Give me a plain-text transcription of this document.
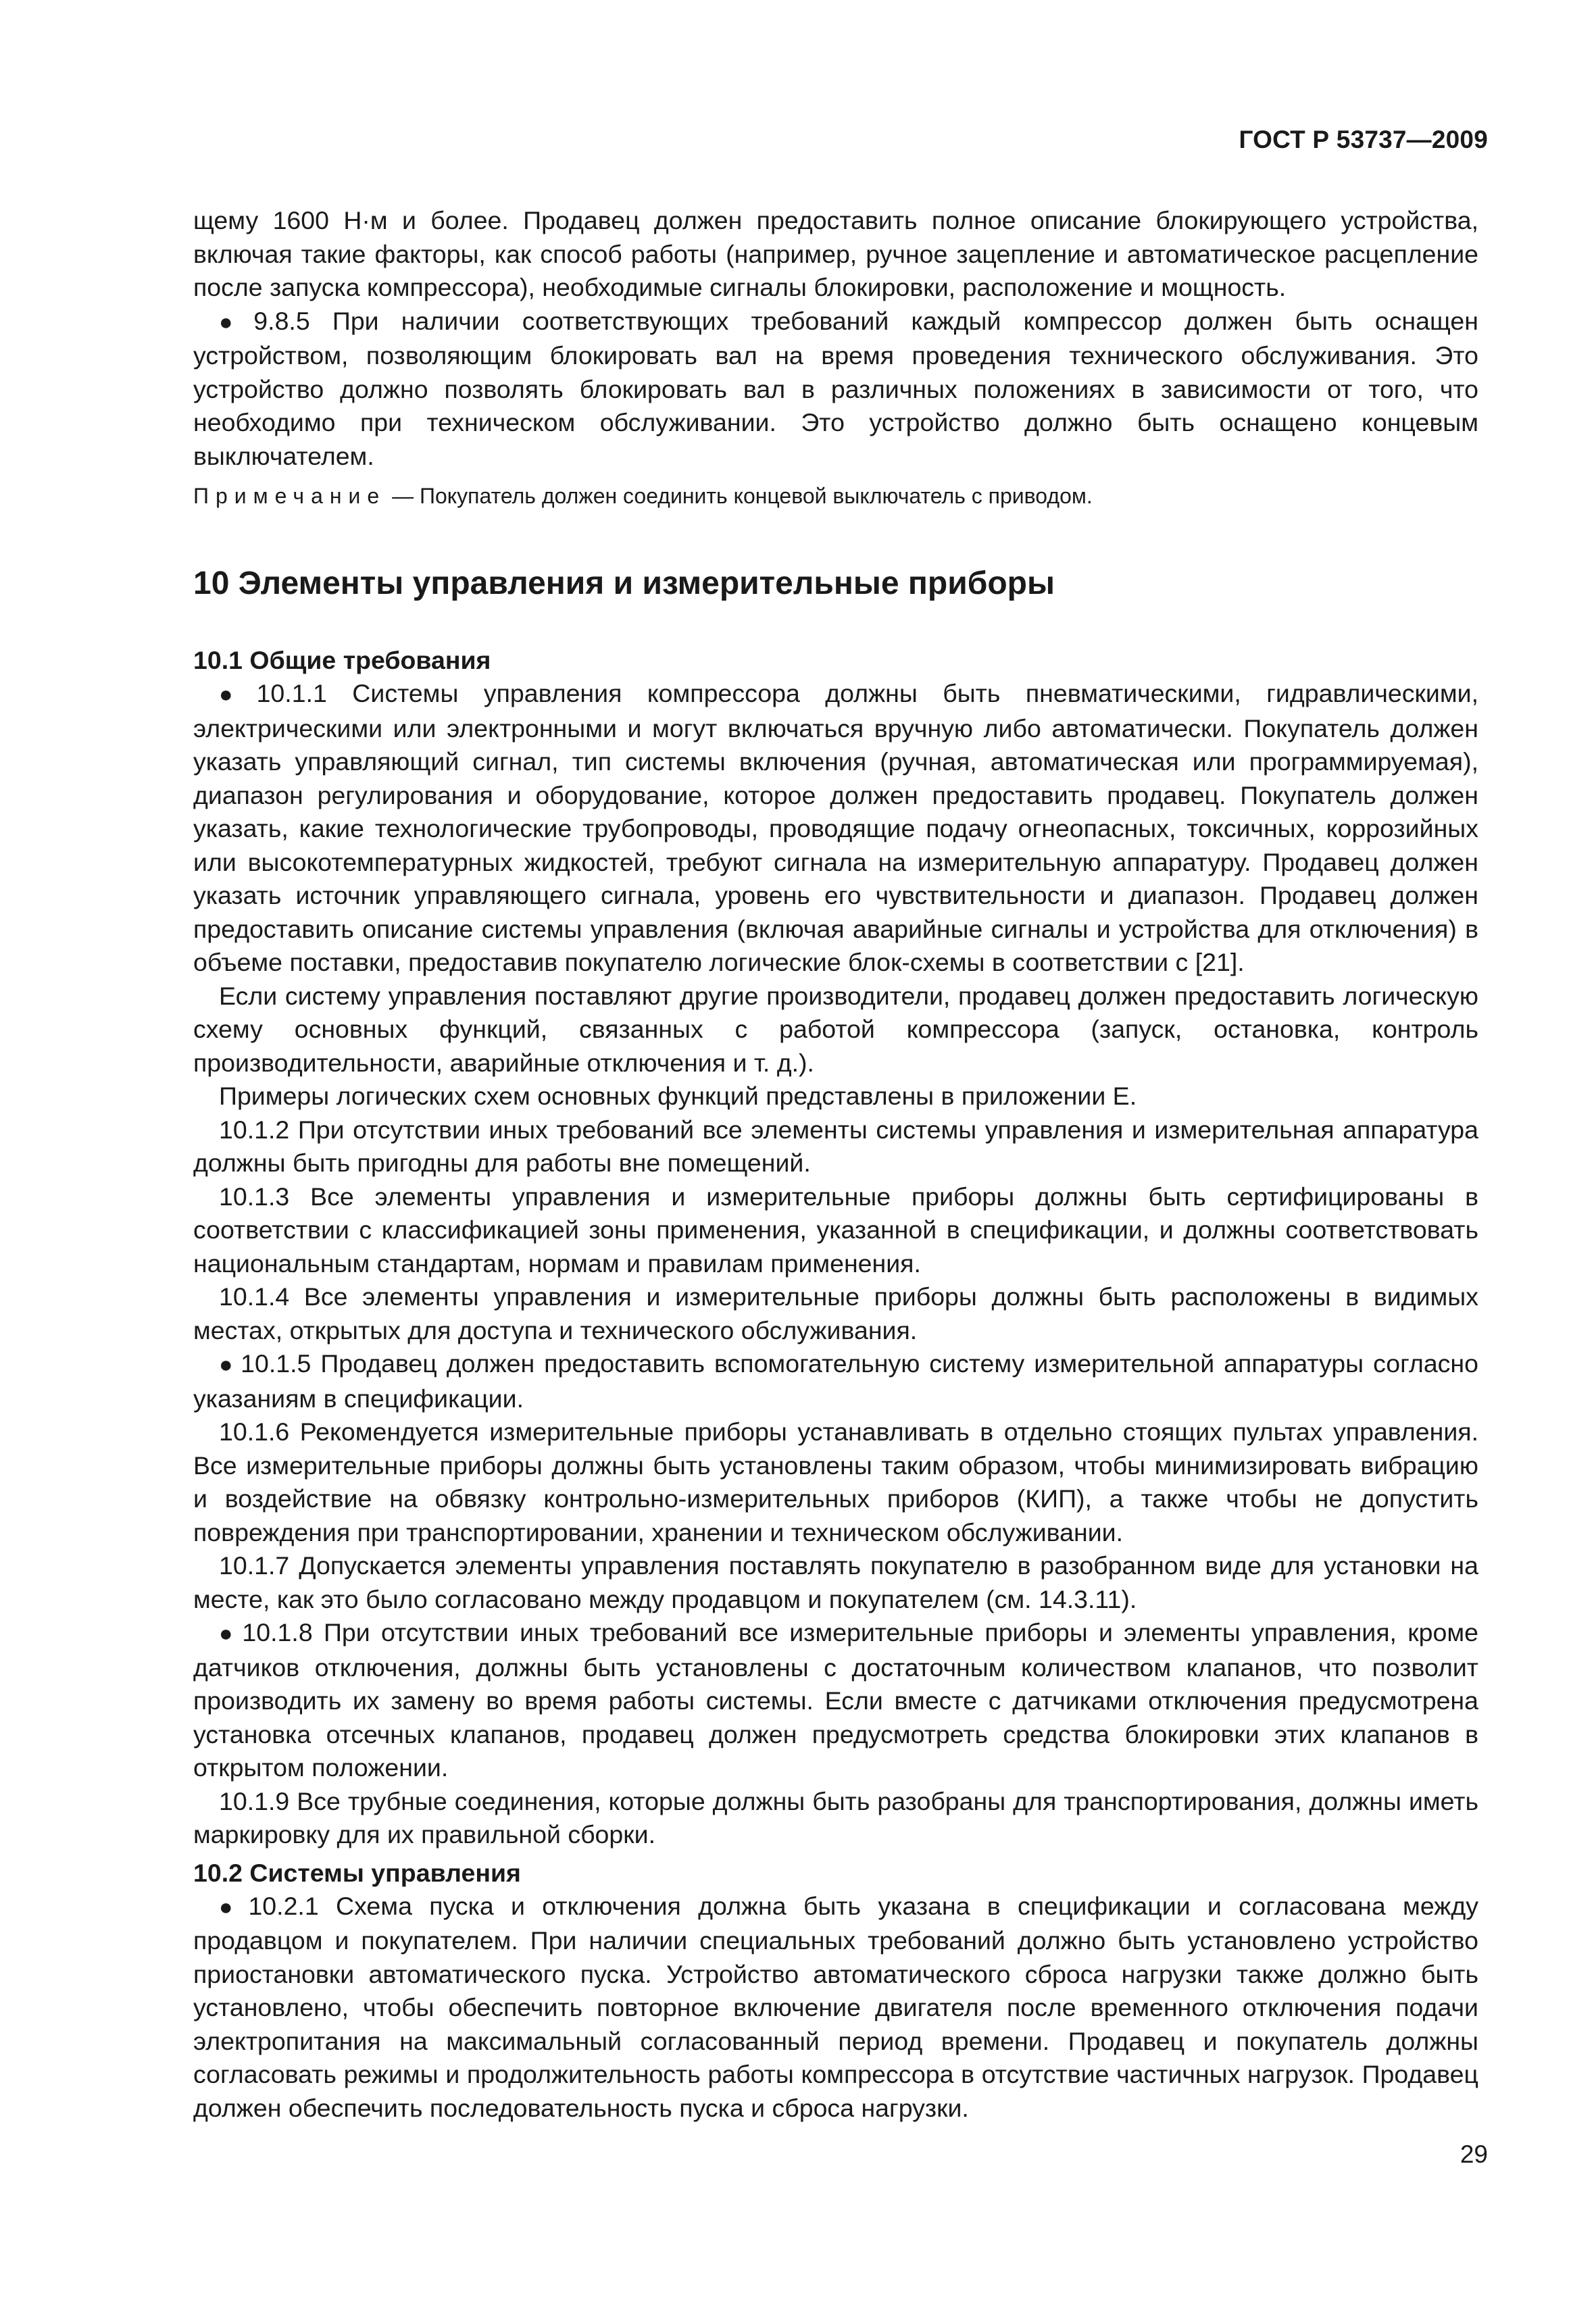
ГОСТ Р 53737—2009

щему 1600 Н·м и более. Продавец должен предоставить полное описание блокирующего устройства, включая такие факторы, как способ работы (например, ручное зацепление и автоматическое расцепление после запуска компрессора), необходимые сигналы блокировки, расположение и мощность.

● 9.8.5 При наличии соответствующих требований каждый компрессор должен быть оснащен устройством, позволяющим блокировать вал на время проведения технического обслуживания. Это устройство должно позволять блокировать вал в различных положениях в зависимости от того, что необходимо при техническом обслуживании. Это устройство должно быть оснащено концевым выключателем.

Примечание — Покупатель должен соединить концевой выключатель с приводом.

10 Элементы управления и измерительные приборы
10.1 Общие требования

● 10.1.1 Системы управления компрессора должны быть пневматическими, гидравлическими, электрическими или электронными и могут включаться вручную либо автоматически. Покупатель должен указать управляющий сигнал, тип системы включения (ручная, автоматическая или программируемая), диапазон регулирования и оборудование, которое должен предоставить продавец. Покупатель должен указать, какие технологические трубопроводы, проводящие подачу огнеопасных, токсичных, коррозийных или высокотемпературных жидкостей, требуют сигнала на измерительную аппаратуру. Продавец должен указать источник управляющего сигнала, уровень его чувствительности и диапазон. Продавец должен предоставить описание системы управления (включая аварийные сигналы и устройства для отключения) в объеме поставки, предоставив покупателю логические блок-схемы в соответствии с [21].

Если систему управления поставляют другие производители, продавец должен предоставить логическую схему основных функций, связанных с работой компрессора (запуск, остановка, контроль производительности, аварийные отключения и т. д.).

Примеры логических схем основных функций представлены в приложении Е.

10.1.2 При отсутствии иных требований все элементы системы управления и измерительная аппаратура должны быть пригодны для работы вне помещений.

10.1.3 Все элементы управления и измерительные приборы должны быть сертифицированы в соответствии с классификацией зоны применения, указанной в спецификации, и должны соответствовать национальным стандартам, нормам и правилам применения.

10.1.4 Все элементы управления и измерительные приборы должны быть расположены в видимых местах, открытых для доступа и технического обслуживания.

● 10.1.5 Продавец должен предоставить вспомогательную систему измерительной аппаратуры согласно указаниям в спецификации.

10.1.6 Рекомендуется измерительные приборы устанавливать в отдельно стоящих пультах управления. Все измерительные приборы должны быть установлены таким образом, чтобы минимизировать вибрацию и воздействие на обвязку контрольно-измерительных приборов (КИП), а также чтобы не допустить повреждения при транспортировании, хранении и техническом обслуживании.

10.1.7 Допускается элементы управления поставлять покупателю в разобранном виде для установки на месте, как это было согласовано между продавцом и покупателем (см. 14.3.11).

● 10.1.8 При отсутствии иных требований все измерительные приборы и элементы управления, кроме датчиков отключения, должны быть установлены с достаточным количеством клапанов, что позволит производить их замену во время работы системы. Если вместе с датчиками отключения предусмотрена установка отсечных клапанов, продавец должен предусмотреть средства блокировки этих клапанов в открытом положении.

10.1.9 Все трубные соединения, которые должны быть разобраны для транспортирования, должны иметь маркировку для их правильной сборки.

10.2 Системы управления

● 10.2.1 Схема пуска и отключения должна быть указана в спецификации и согласована между продавцом и покупателем. При наличии специальных требований должно быть установлено устройство приостановки автоматического пуска. Устройство автоматического сброса нагрузки также должно быть установлено, чтобы обеспечить повторное включение двигателя после временного отключения подачи электропитания на максимальный согласованный период времени. Продавец и покупатель должны согласовать режимы и продолжительность работы компрессора в отсутствие частичных нагрузок. Продавец должен обеспечить последовательность пуска и сброса нагрузки.

29
